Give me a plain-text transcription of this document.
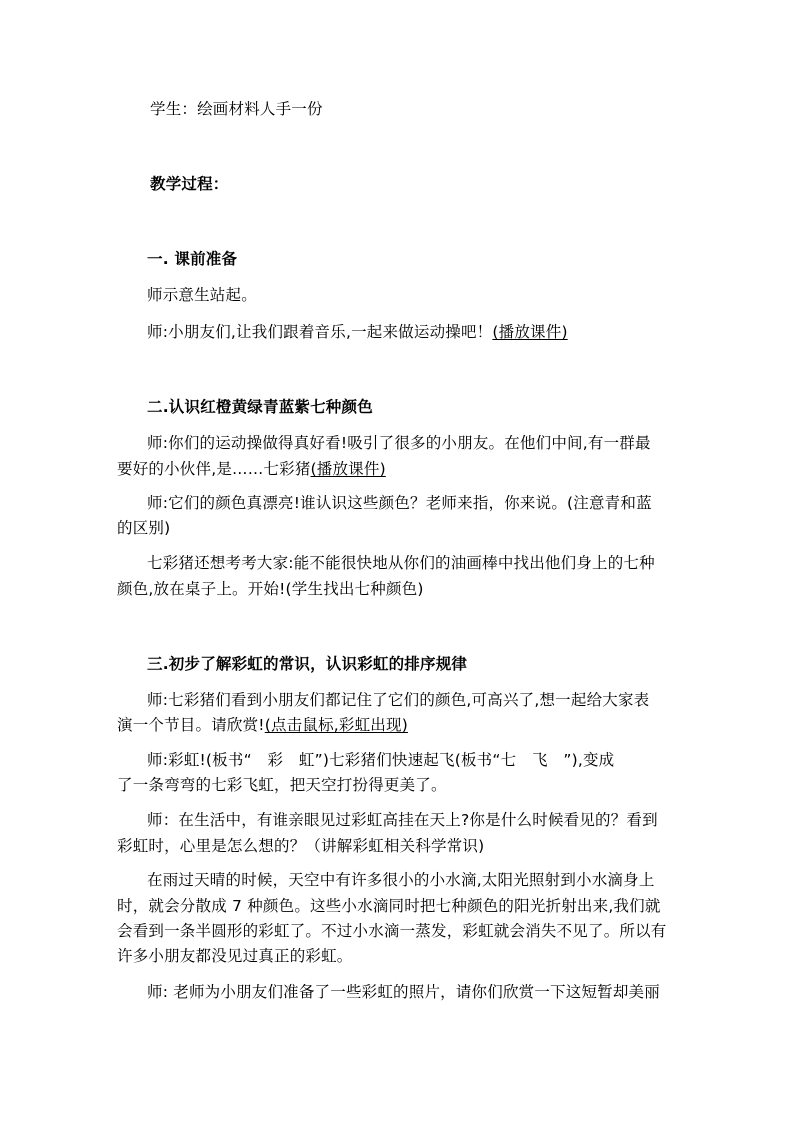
学生：绘画材料人手一份
教学过程：
一. 课前准备
师示意生站起。
师:小朋友们,让我们跟着音乐,一起来做运动操吧！(播放课件)
二.认识红橙黄绿青蓝紫七种颜色
师:你们的运动操做得真好看!吸引了很多的小朋友。在他们中间,有一群最
要好的小伙伴,是……七彩猪(播放课件)
师:它们的颜色真漂亮!谁认识这些颜色？老师来指，你来说。(注意青和蓝
的区别)
七彩猪还想考考大家:能不能很快地从你们的油画棒中找出他们身上的七种
颜色,放在桌子上。开始!(学生找出七种颜色)
三.初步了解彩虹的常识，认识彩虹的排序规律
师:七彩猪们看到小朋友们都记住了它们的颜色,可高兴了,想一起给大家表
演一个节目。请欣赏!(点击鼠标,彩虹出现)
师:彩虹!(板书“　彩　虹”)七彩猪们快速起飞(板书“七　飞　”),变成
了一条弯弯的七彩飞虹，把天空打扮得更美了。
师：在生活中，有谁亲眼见过彩虹高挂在天上?你是什么时候看见的？看到
彩虹时，心里是怎么想的？（讲解彩虹相关科学常识)
在雨过天晴的时候，天空中有许多很小的小水滴,太阳光照射到小水滴身上
时，就会分散成 7 种颜色。这些小水滴同时把七种颜色的阳光折射出来,我们就
会看到一条半圆形的彩虹了。不过小水滴一蒸发，彩虹就会消失不见了。所以有
许多小朋友都没见过真正的彩虹。
师: 老师为小朋友们准备了一些彩虹的照片，请你们欣赏一下这短暂却美丽
